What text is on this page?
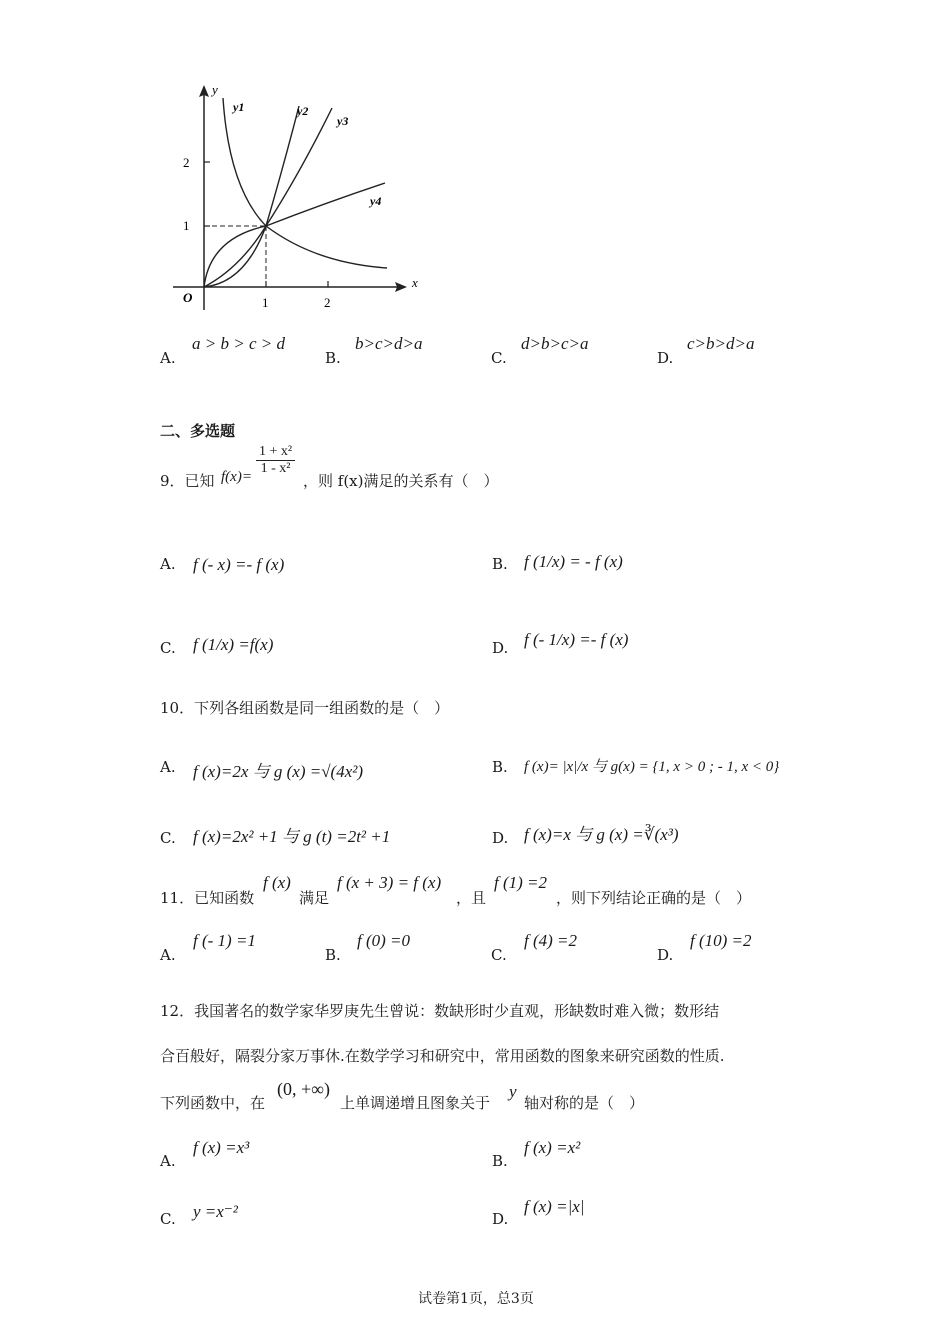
y
x
O
1
2
1	2
y1	y2
y3
y4
A.
a > b > c > d
B.
b>c>d>a
C.
d>b>c>a
D.
c>b>d>a
二、多选题
9．已知 $f(x)= \frac{\text{1 + x²}}{\text{1 - x²}}$
，则 f(x)满足的关系有（　）
A. f (- x) =- f (x)	B. f (1/x) = - f (x)
C. f (1/x) =f(x)	D. f (- 1/x) =- f (x)
10．下列各组函数是同一组函数的是（　）
A. f (x)=2x 与 g (x) =√(4x²)	B. f (x)= |x|/x 与 g(x) = {1, x > 0 ; - 1, x < 0}
C. f (x)=2x² +1 与 g (t) =2t² +1	D. f (x)=x 与 g (x) =∛(x³)
11．已知函数
f (x)
满足
f (x + 3) = f (x)
，且
f (1) =2
，则下列结论正确的是（　）
A.
f (- 1) =1
B.
f (0) =0
C.
f (4) =2
D.
f (10) =2
12．我国著名的数学家华罗庚先生曾说：数缺形时少直观，形缺数时难入微；数形结
合百般好，隔裂分家万事休.在数学学习和研究中，常用函数的图象来研究函数的性质.
下列函数中，在
(0, +∞)
上单调递增且图象关于
y
轴对称的是（　）
A.
f (x) =x³
B.
f (x) =x²
C. y =x⁻²	D.
f (x) =|x|
试卷第1页，总3页
